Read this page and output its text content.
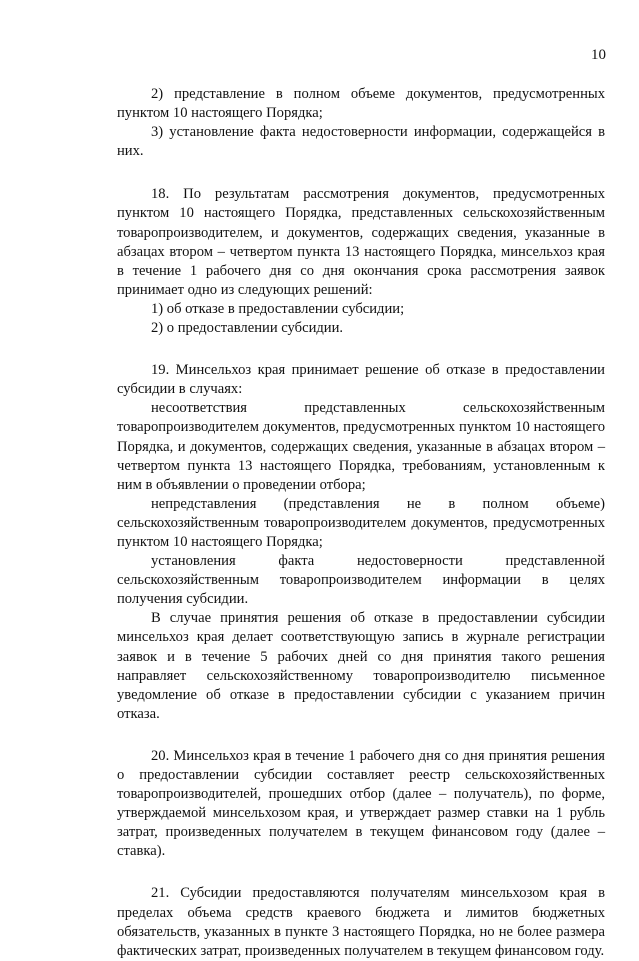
10

2) представление в полном объеме документов, предусмотренных пунктом 10 настоящего Порядка;

3) установление факта недостоверности информации, содержащейся в них.

18. По результатам рассмотрения документов, предусмотренных пунктом 10 настоящего Порядка, представленных сельскохозяйственным товаропроизводителем, и документов, содержащих сведения, указанные в абзацах втором – четвертом пункта 13 настоящего Порядка, минсельхоз края в течение 1 рабочего дня со дня окончания срока рассмотрения заявок принимает одно из следующих решений:

1) об отказе в предоставлении субсидии;

2) о предоставлении субсидии.

19. Минсельхоз края принимает решение об отказе в предоставлении субсидии в случаях:

несоответствия представленных сельскохозяйственным товаропроизводителем документов, предусмотренных пунктом 10 настоящего Порядка, и документов, содержащих сведения, указанные в абзацах втором – четвертом пункта 13 настоящего Порядка, требованиям, установленным к ним в объявлении о проведении отбора;

непредставления (представления не в полном объеме) сельскохозяйственным товаропроизводителем документов, предусмотренных пунктом 10 настоящего Порядка;

установления факта недостоверности представленной сельскохозяйственным товаропроизводителем информации в целях получения субсидии.

В случае принятия решения об отказе в предоставлении субсидии минсельхоз края делает соответствующую запись в журнале регистрации заявок и в течение 5 рабочих дней со дня принятия такого решения направляет сельскохозяйственному товаропроизводителю письменное уведомление об отказе в предоставлении субсидии с указанием причин отказа.

20. Минсельхоз края в течение 1 рабочего дня со дня принятия решения о предоставлении субсидии составляет реестр сельскохозяйственных товаропроизводителей, прошедших отбор (далее – получатель), по форме, утверждаемой минсельхозом края, и утверждает размер ставки на 1 рубль затрат, произведенных получателем в текущем финансовом году (далее – ставка).

21. Субсидии предоставляются получателям минсельхозом края в пределах объема средств краевого бюджета и лимитов бюджетных обязательств, указанных в пункте 3 настоящего Порядка, но не более размера фактических затрат, произведенных получателем в текущем финансовом году.
